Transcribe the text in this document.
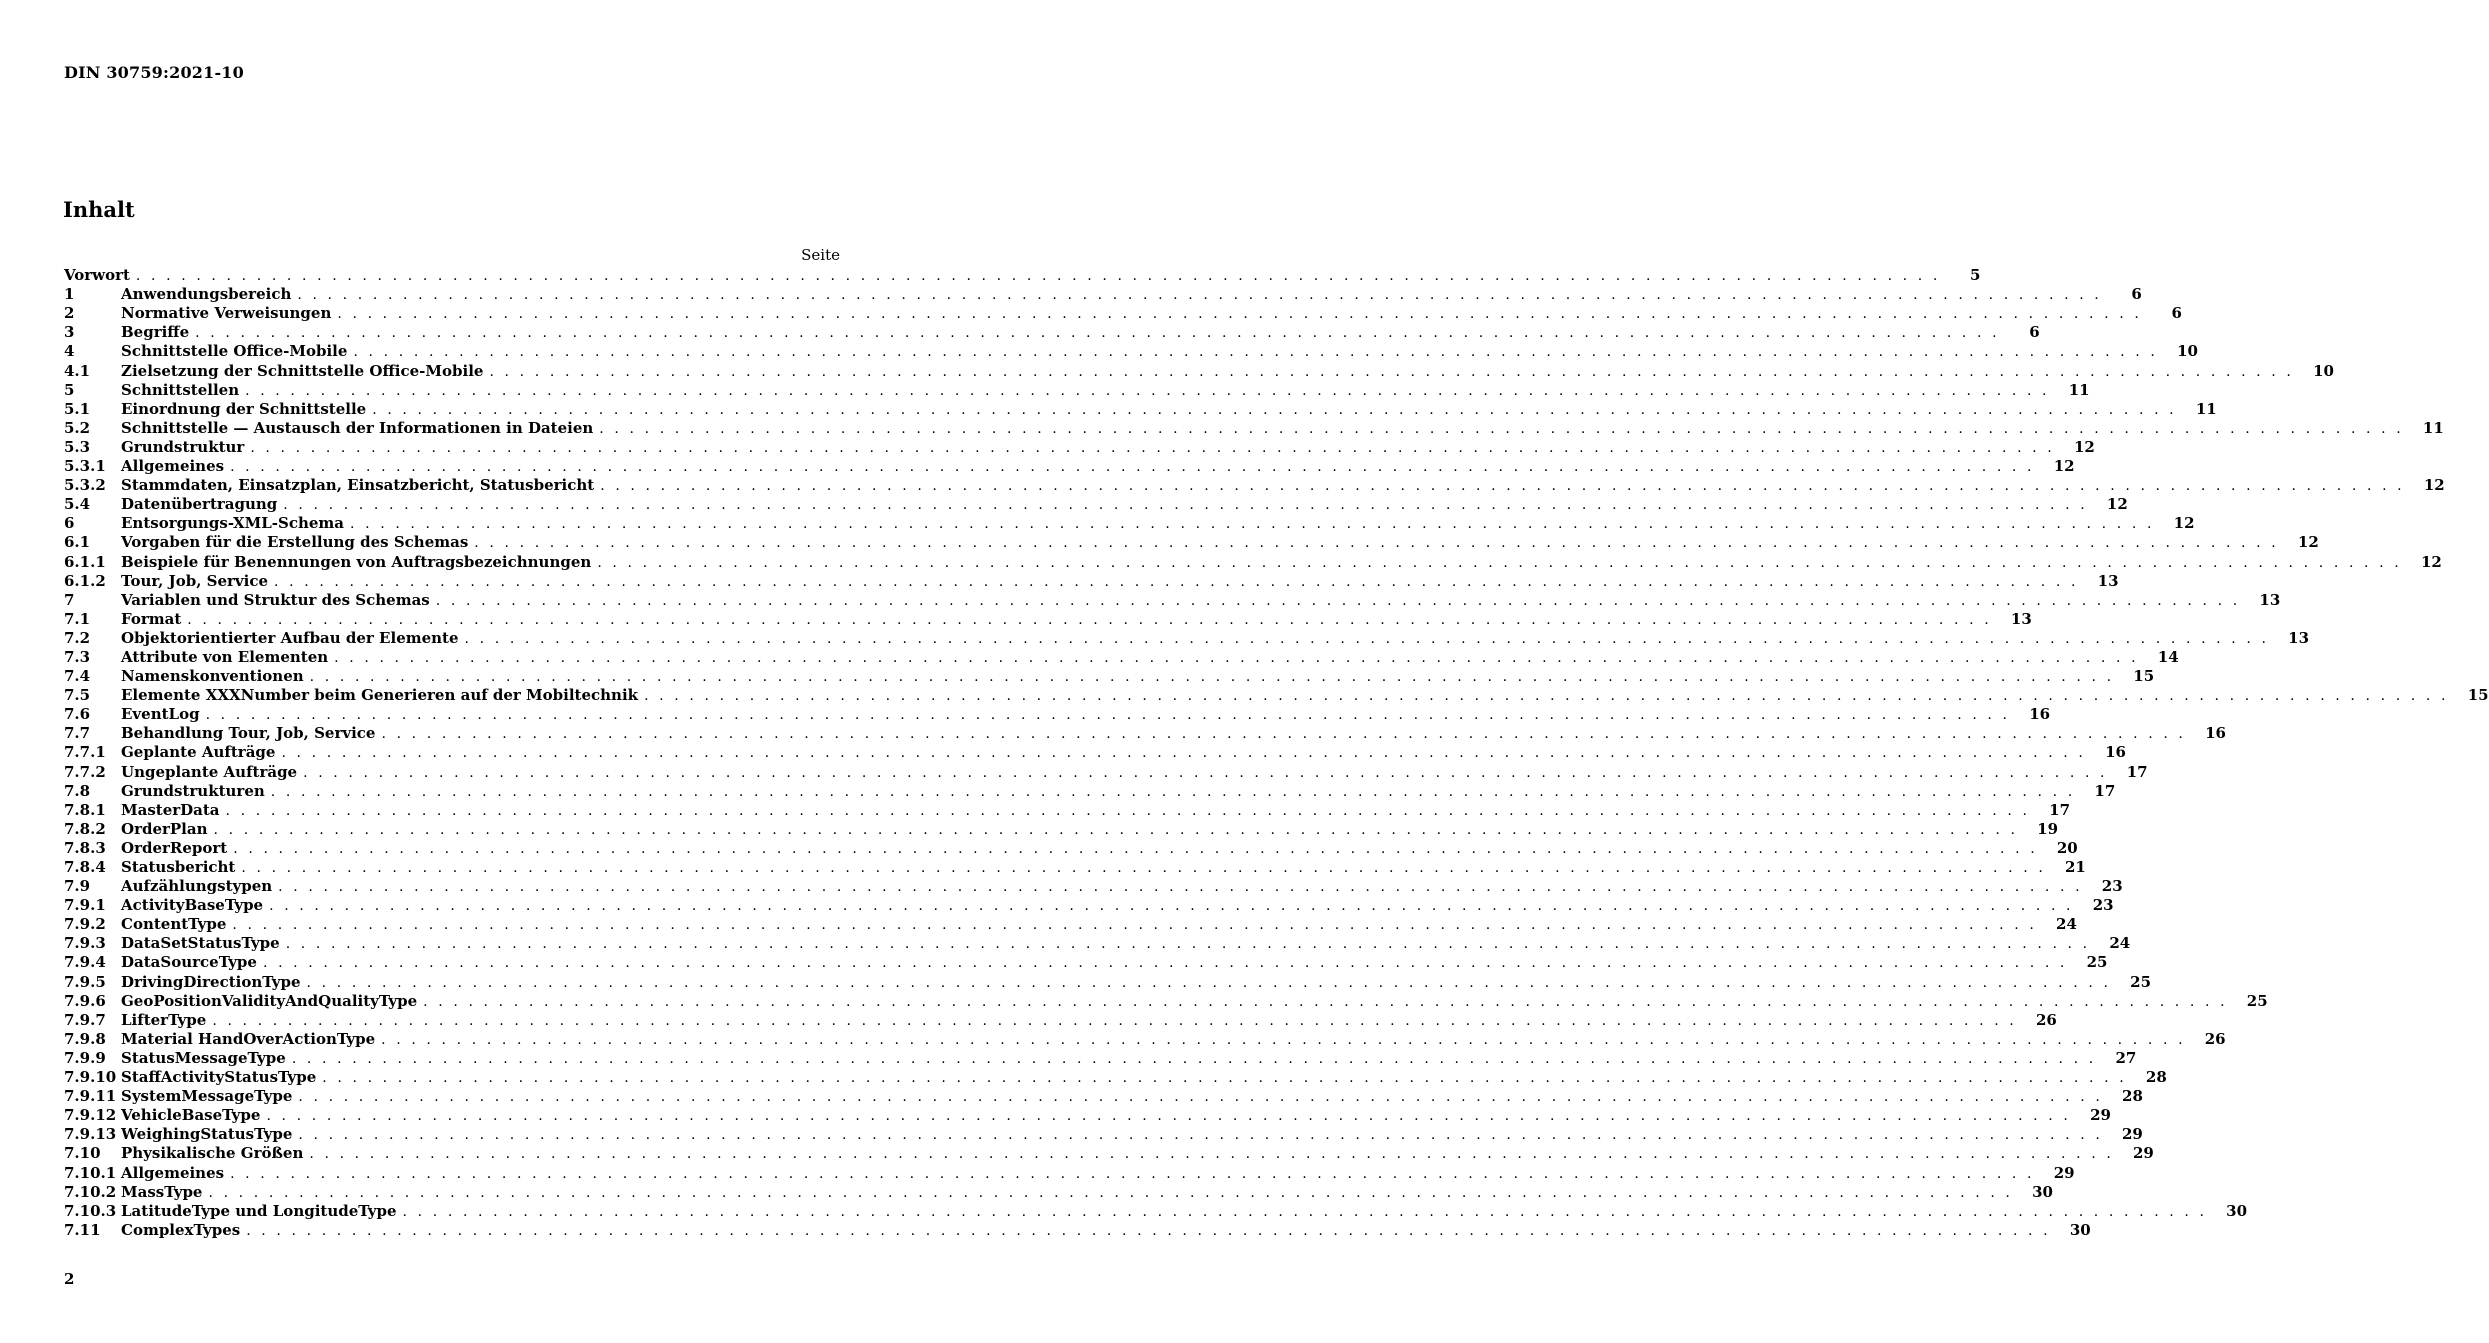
DIN 30759:2021-10
Inhalt
Seite
Vorwort . . . . . . . . . . . . . . . . . . . . . . . . . . . . . . . . . . . . . . . . . . . . . . . . . . . . . . . . . . . . . . . . . . . . . . . . . . . . . . . . . . . . . . . . . . . . . . . . . . . . . . . . . . . . . . . . . . . . . . . .	5
1	Anwendungsbereich . . . . . . . . . . . . . . . . . . . . . . . . . . . . . . . . . . . . . . . . . . . . . . . . . . . . . . . . . . . . . . . . . . . . . . . . . . . . . . . . . . . . . . . . . . . . . . . . . . . . . . . . . . . . . . . . . . . . . . . .	6
2	Normative Verweisungen . . . . . . . . . . . . . . . . . . . . . . . . . . . . . . . . . . . . . . . . . . . . . . . . . . . . . . . . . . . . . . . . . . . . . . . . . . . . . . . . . . . . . . . . . . . . . . . . . . . . . . . . . . . . . . . . . . . . . . . .	6
3	Begriffe . . . . . . . . . . . . . . . . . . . . . . . . . . . . . . . . . . . . . . . . . . . . . . . . . . . . . . . . . . . . . . . . . . . . . . . . . . . . . . . . . . . . . . . . . . . . . . . . . . . . . . . . . . . . . . . . . . . . . . . .	6
4	Schnittstelle Office-Mobile . . . . . . . . . . . . . . . . . . . . . . . . . . . . . . . . . . . . . . . . . . . . . . . . . . . . . . . . . . . . . . . . . . . . . . . . . . . . . . . . . . . . . . . . . . . . . . . . . . . . . . . . . . . . . . . . . . . . . . . .	10
4.1	Zielsetzung der Schnittstelle Office-Mobile . . . . . . . . . . . . . . . . . . . . . . . . . . . . . . . . . . . . . . . . . . . . . . . . . . . . . . . . . . . . . . . . . . . . . . . . . . . . . . . . . . . . . . . . . . . . . . . . . . . . . . . . . . . . . . . . . . . . . . . .	10
5	Schnittstellen . . . . . . . . . . . . . . . . . . . . . . . . . . . . . . . . . . . . . . . . . . . . . . . . . . . . . . . . . . . . . . . . . . . . . . . . . . . . . . . . . . . . . . . . . . . . . . . . . . . . . . . . . . . . . . . . . . . . . . . .	11
5.1	Einordnung der Schnittstelle . . . . . . . . . . . . . . . . . . . . . . . . . . . . . . . . . . . . . . . . . . . . . . . . . . . . . . . . . . . . . . . . . . . . . . . . . . . . . . . . . . . . . . . . . . . . . . . . . . . . . . . . . . . . . . . . . . . . . . . .	11
5.2	Schnittstelle — Austausch der Informationen in Dateien . . . . . . . . . . . . . . . . . . . . . . . . . . . . . . . . . . . . . . . . . . . . . . . . . . . . . . . . . . . . . . . . . . . . . . . . . . . . . . . . . . . . . . . . . . . . . . . . . . . . . . . . . . . . . . . . . . . . . . . .	11
5.3	Grundstruktur . . . . . . . . . . . . . . . . . . . . . . . . . . . . . . . . . . . . . . . . . . . . . . . . . . . . . . . . . . . . . . . . . . . . . . . . . . . . . . . . . . . . . . . . . . . . . . . . . . . . . . . . . . . . . . . . . . . . . . . .	12
5.3.1	Allgemeines . . . . . . . . . . . . . . . . . . . . . . . . . . . . . . . . . . . . . . . . . . . . . . . . . . . . . . . . . . . . . . . . . . . . . . . . . . . . . . . . . . . . . . . . . . . . . . . . . . . . . . . . . . . . . . . . . . . . . . . .	12
5.3.2	Stammdaten, Einsatzplan, Einsatzbericht, Statusbericht . . . . . . . . . . . . . . . . . . . . . . . . . . . . . . . . . . . . . . . . . . . . . . . . . . . . . . . . . . . . . . . . . . . . . . . . . . . . . . . . . . . . . . . . . . . . . . . . . . . . . . . . . . . . . . . . . . . . . . . .	12
5.4	Datenübertragung . . . . . . . . . . . . . . . . . . . . . . . . . . . . . . . . . . . . . . . . . . . . . . . . . . . . . . . . . . . . . . . . . . . . . . . . . . . . . . . . . . . . . . . . . . . . . . . . . . . . . . . . . . . . . . . . . . . . . . . .	12
6	Entsorgungs-XML-Schema . . . . . . . . . . . . . . . . . . . . . . . . . . . . . . . . . . . . . . . . . . . . . . . . . . . . . . . . . . . . . . . . . . . . . . . . . . . . . . . . . . . . . . . . . . . . . . . . . . . . . . . . . . . . . . . . . . . . . . . .	12
6.1	Vorgaben für die Erstellung des Schemas . . . . . . . . . . . . . . . . . . . . . . . . . . . . . . . . . . . . . . . . . . . . . . . . . . . . . . . . . . . . . . . . . . . . . . . . . . . . . . . . . . . . . . . . . . . . . . . . . . . . . . . . . . . . . . . . . . . . . . . .	12
6.1.1	Beispiele für Benennungen von Auftragsbezeichnungen . . . . . . . . . . . . . . . . . . . . . . . . . . . . . . . . . . . . . . . . . . . . . . . . . . . . . . . . . . . . . . . . . . . . . . . . . . . . . . . . . . . . . . . . . . . . . . . . . . . . . . . . . . . . . . . . . . . . . . . .	12
6.1.2	Tour, Job, Service . . . . . . . . . . . . . . . . . . . . . . . . . . . . . . . . . . . . . . . . . . . . . . . . . . . . . . . . . . . . . . . . . . . . . . . . . . . . . . . . . . . . . . . . . . . . . . . . . . . . . . . . . . . . . . . . . . . . . . . .	13
7	Variablen und Struktur des Schemas . . . . . . . . . . . . . . . . . . . . . . . . . . . . . . . . . . . . . . . . . . . . . . . . . . . . . . . . . . . . . . . . . . . . . . . . . . . . . . . . . . . . . . . . . . . . . . . . . . . . . . . . . . . . . . . . . . . . . . . .	13
7.1	Format . . . . . . . . . . . . . . . . . . . . . . . . . . . . . . . . . . . . . . . . . . . . . . . . . . . . . . . . . . . . . . . . . . . . . . . . . . . . . . . . . . . . . . . . . . . . . . . . . . . . . . . . . . . . . . . . . . . . . . . .	13
7.2	Objektorientierter Aufbau der Elemente . . . . . . . . . . . . . . . . . . . . . . . . . . . . . . . . . . . . . . . . . . . . . . . . . . . . . . . . . . . . . . . . . . . . . . . . . . . . . . . . . . . . . . . . . . . . . . . . . . . . . . . . . . . . . . . . . . . . . . . .	13
7.3	Attribute von Elementen . . . . . . . . . . . . . . . . . . . . . . . . . . . . . . . . . . . . . . . . . . . . . . . . . . . . . . . . . . . . . . . . . . . . . . . . . . . . . . . . . . . . . . . . . . . . . . . . . . . . . . . . . . . . . . . . . . . . . . . .	14
7.4	Namenskonventionen . . . . . . . . . . . . . . . . . . . . . . . . . . . . . . . . . . . . . . . . . . . . . . . . . . . . . . . . . . . . . . . . . . . . . . . . . . . . . . . . . . . . . . . . . . . . . . . . . . . . . . . . . . . . . . . . . . . . . . . .	15
7.5	Elemente XXXNumber beim Generieren auf der Mobiltechnik . . . . . . . . . . . . . . . . . . . . . . . . . . . . . . . . . . . . . . . . . . . . . . . . . . . . . . . . . . . . . . . . . . . . . . . . . . . . . . . . . . . . . . . . . . . . . . . . . . . . . . . . . . . . . . . . . . . . . . . .	15
7.6	EventLog . . . . . . . . . . . . . . . . . . . . . . . . . . . . . . . . . . . . . . . . . . . . . . . . . . . . . . . . . . . . . . . . . . . . . . . . . . . . . . . . . . . . . . . . . . . . . . . . . . . . . . . . . . . . . . . . . . . . . . . .	16
7.7	Behandlung Tour, Job, Service . . . . . . . . . . . . . . . . . . . . . . . . . . . . . . . . . . . . . . . . . . . . . . . . . . . . . . . . . . . . . . . . . . . . . . . . . . . . . . . . . . . . . . . . . . . . . . . . . . . . . . . . . . . . . . . . . . . . . . . .	16
7.7.1	Geplante Aufträge . . . . . . . . . . . . . . . . . . . . . . . . . . . . . . . . . . . . . . . . . . . . . . . . . . . . . . . . . . . . . . . . . . . . . . . . . . . . . . . . . . . . . . . . . . . . . . . . . . . . . . . . . . . . . . . . . . . . . . . .	16
7.7.2	Ungeplante Aufträge . . . . . . . . . . . . . . . . . . . . . . . . . . . . . . . . . . . . . . . . . . . . . . . . . . . . . . . . . . . . . . . . . . . . . . . . . . . . . . . . . . . . . . . . . . . . . . . . . . . . . . . . . . . . . . . . . . . . . . . .	17
7.8	Grundstrukturen . . . . . . . . . . . . . . . . . . . . . . . . . . . . . . . . . . . . . . . . . . . . . . . . . . . . . . . . . . . . . . . . . . . . . . . . . . . . . . . . . . . . . . . . . . . . . . . . . . . . . . . . . . . . . . . . . . . . . . . .	17
7.8.1	MasterData . . . . . . . . . . . . . . . . . . . . . . . . . . . . . . . . . . . . . . . . . . . . . . . . . . . . . . . . . . . . . . . . . . . . . . . . . . . . . . . . . . . . . . . . . . . . . . . . . . . . . . . . . . . . . . . . . . . . . . . .	17
7.8.2	OrderPlan . . . . . . . . . . . . . . . . . . . . . . . . . . . . . . . . . . . . . . . . . . . . . . . . . . . . . . . . . . . . . . . . . . . . . . . . . . . . . . . . . . . . . . . . . . . . . . . . . . . . . . . . . . . . . . . . . . . . . . . .	19
7.8.3	OrderReport . . . . . . . . . . . . . . . . . . . . . . . . . . . . . . . . . . . . . . . . . . . . . . . . . . . . . . . . . . . . . . . . . . . . . . . . . . . . . . . . . . . . . . . . . . . . . . . . . . . . . . . . . . . . . . . . . . . . . . . .	20
7.8.4	Statusbericht . . . . . . . . . . . . . . . . . . . . . . . . . . . . . . . . . . . . . . . . . . . . . . . . . . . . . . . . . . . . . . . . . . . . . . . . . . . . . . . . . . . . . . . . . . . . . . . . . . . . . . . . . . . . . . . . . . . . . . . .	21
7.9	Aufzählungstypen . . . . . . . . . . . . . . . . . . . . . . . . . . . . . . . . . . . . . . . . . . . . . . . . . . . . . . . . . . . . . . . . . . . . . . . . . . . . . . . . . . . . . . . . . . . . . . . . . . . . . . . . . . . . . . . . . . . . . . . .	23
7.9.1	ActivityBaseType . . . . . . . . . . . . . . . . . . . . . . . . . . . . . . . . . . . . . . . . . . . . . . . . . . . . . . . . . . . . . . . . . . . . . . . . . . . . . . . . . . . . . . . . . . . . . . . . . . . . . . . . . . . . . . . . . . . . . . . .	23
7.9.2	ContentType . . . . . . . . . . . . . . . . . . . . . . . . . . . . . . . . . . . . . . . . . . . . . . . . . . . . . . . . . . . . . . . . . . . . . . . . . . . . . . . . . . . . . . . . . . . . . . . . . . . . . . . . . . . . . . . . . . . . . . . .	24
7.9.3	DataSetStatusType . . . . . . . . . . . . . . . . . . . . . . . . . . . . . . . . . . . . . . . . . . . . . . . . . . . . . . . . . . . . . . . . . . . . . . . . . . . . . . . . . . . . . . . . . . . . . . . . . . . . . . . . . . . . . . . . . . . . . . . .	24
7.9.4	DataSourceType . . . . . . . . . . . . . . . . . . . . . . . . . . . . . . . . . . . . . . . . . . . . . . . . . . . . . . . . . . . . . . . . . . . . . . . . . . . . . . . . . . . . . . . . . . . . . . . . . . . . . . . . . . . . . . . . . . . . . . . .	25
7.9.5	DrivingDirectionType . . . . . . . . . . . . . . . . . . . . . . . . . . . . . . . . . . . . . . . . . . . . . . . . . . . . . . . . . . . . . . . . . . . . . . . . . . . . . . . . . . . . . . . . . . . . . . . . . . . . . . . . . . . . . . . . . . . . . . . .	25
7.9.6	GeoPositionValidityAndQualityType . . . . . . . . . . . . . . . . . . . . . . . . . . . . . . . . . . . . . . . . . . . . . . . . . . . . . . . . . . . . . . . . . . . . . . . . . . . . . . . . . . . . . . . . . . . . . . . . . . . . . . . . . . . . . . . . . . . . . . . .	25
7.9.7	LifterType . . . . . . . . . . . . . . . . . . . . . . . . . . . . . . . . . . . . . . . . . . . . . . . . . . . . . . . . . . . . . . . . . . . . . . . . . . . . . . . . . . . . . . . . . . . . . . . . . . . . . . . . . . . . . . . . . . . . . . . .	26
7.9.8	Material HandOverActionType . . . . . . . . . . . . . . . . . . . . . . . . . . . . . . . . . . . . . . . . . . . . . . . . . . . . . . . . . . . . . . . . . . . . . . . . . . . . . . . . . . . . . . . . . . . . . . . . . . . . . . . . . . . . . . . . . . . . . . . .	26
7.9.9	StatusMessageType . . . . . . . . . . . . . . . . . . . . . . . . . . . . . . . . . . . . . . . . . . . . . . . . . . . . . . . . . . . . . . . . . . . . . . . . . . . . . . . . . . . . . . . . . . . . . . . . . . . . . . . . . . . . . . . . . . . . . . . .	27
7.9.10 StaffActivityStatusType . . . . . . . . . . . . . . . . . . . . . . . . . . . . . . . . . . . . . . . . . . . . . . . . . . . . . . . . . . . . . . . . . . . . . . . . . . . . . . . . . . . . . . . . . . . . . . . . . . . . . . . . . . . . . . . . . . . . . . . .	28
7.9.11 SystemMessageType . . . . . . . . . . . . . . . . . . . . . . . . . . . . . . . . . . . . . . . . . . . . . . . . . . . . . . . . . . . . . . . . . . . . . . . . . . . . . . . . . . . . . . . . . . . . . . . . . . . . . . . . . . . . . . . . . . . . . . . .	28
7.9.12 VehicleBaseType . . . . . . . . . . . . . . . . . . . . . . . . . . . . . . . . . . . . . . . . . . . . . . . . . . . . . . . . . . . . . . . . . . . . . . . . . . . . . . . . . . . . . . . . . . . . . . . . . . . . . . . . . . . . . . . . . . . . . . . .	29
7.9.13 WeighingStatusType . . . . . . . . . . . . . . . . . . . . . . . . . . . . . . . . . . . . . . . . . . . . . . . . . . . . . . . . . . . . . . . . . . . . . . . . . . . . . . . . . . . . . . . . . . . . . . . . . . . . . . . . . . . . . . . . . . . . . . . .	29
7.10	Physikalische Größen . . . . . . . . . . . . . . . . . . . . . . . . . . . . . . . . . . . . . . . . . . . . . . . . . . . . . . . . . . . . . . . . . . . . . . . . . . . . . . . . . . . . . . . . . . . . . . . . . . . . . . . . . . . . . . . . . . . . . . . .	29
7.10.1 Allgemeines . . . . . . . . . . . . . . . . . . . . . . . . . . . . . . . . . . . . . . . . . . . . . . . . . . . . . . . . . . . . . . . . . . . . . . . . . . . . . . . . . . . . . . . . . . . . . . . . . . . . . . . . . . . . . . . . . . . . . . . .	29
7.10.2 MassType . . . . . . . . . . . . . . . . . . . . . . . . . . . . . . . . . . . . . . . . . . . . . . . . . . . . . . . . . . . . . . . . . . . . . . . . . . . . . . . . . . . . . . . . . . . . . . . . . . . . . . . . . . . . . . . . . . . . . . . .	30
7.10.3 LatitudeType und LongitudeType . . . . . . . . . . . . . . . . . . . . . . . . . . . . . . . . . . . . . . . . . . . . . . . . . . . . . . . . . . . . . . . . . . . . . . . . . . . . . . . . . . . . . . . . . . . . . . . . . . . . . . . . . . . . . . . . . . . . . . . .	30
7.11	ComplexTypes . . . . . . . . . . . . . . . . . . . . . . . . . . . . . . . . . . . . . . . . . . . . . . . . . . . . . . . . . . . . . . . . . . . . . . . . . . . . . . . . . . . . . . . . . . . . . . . . . . . . . . . . . . . . . . . . . . . . . . . .	30
2
